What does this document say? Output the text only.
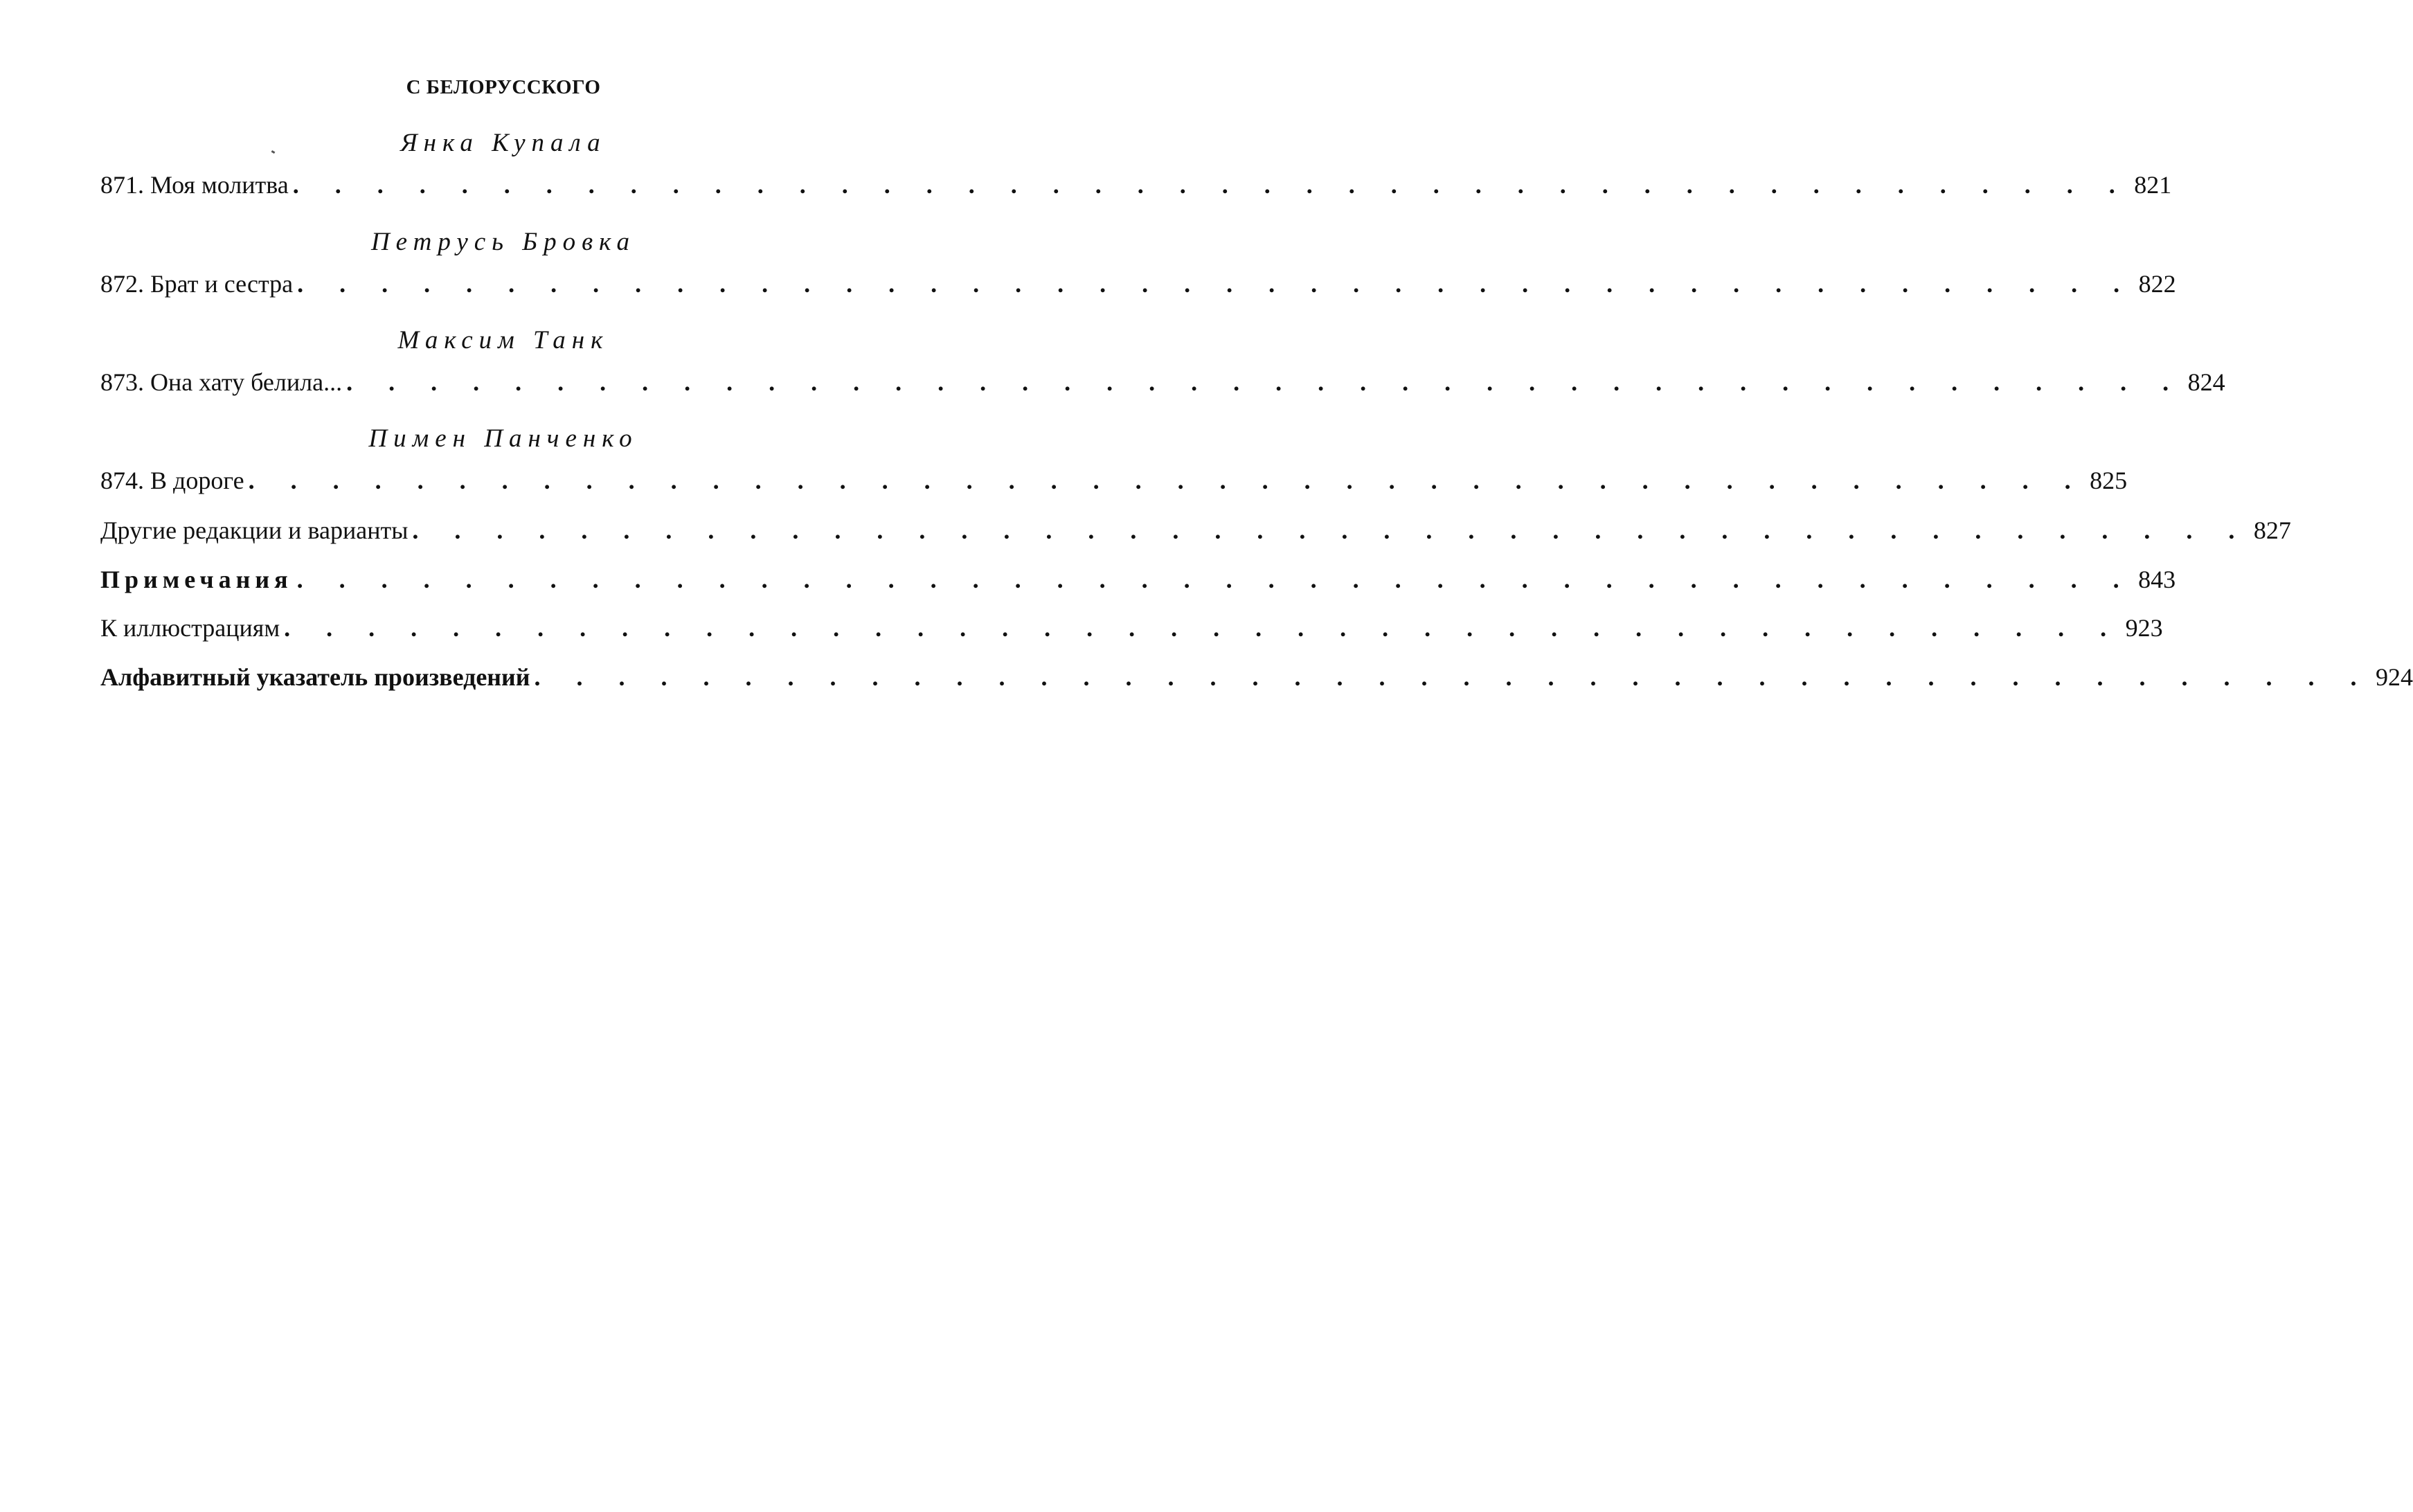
С БЕЛОРУССКОГО
Янка Купала
871. Моя молитва . . . . . . . . . . . . . . . . . . . . . . . . . . . . . . . . . . . . . . . . . . . . 821
Петрусь Бровка
872. Брат и сестра . . . . . . . . . . . . . . . . . . . . . . . . . . . . . . . . . . . . . . . . . . . . 822
Максим Танк
873. Она хату белила... . . . . . . . . . . . . . . . . . . . . . . . . . . . . . . . . . . . . . . . . . . . . 824
Пимен Панченко
874. В дороге . . . . . . . . . . . . . . . . . . . . . . . . . . . . . . . . . . . . . . . . . . . . 825
Другие редакции и варианты . . . . . . . . . . . . . . . . . . . . . . . . . . . . . . . . . . . . . . . . . . . . 827
Примечания . . . . . . . . . . . . . . . . . . . . . . . . . . . . . . . . . . . . . . . . . . . . 843
К иллюстрациям . . . . . . . . . . . . . . . . . . . . . . . . . . . . . . . . . . . . . . . . . . . . 923
Алфавитный указатель произведений . . . . . . . . . . . . . . . . . . . . . . . . . . . . . . . . . . . . . . . . . . . . 924
